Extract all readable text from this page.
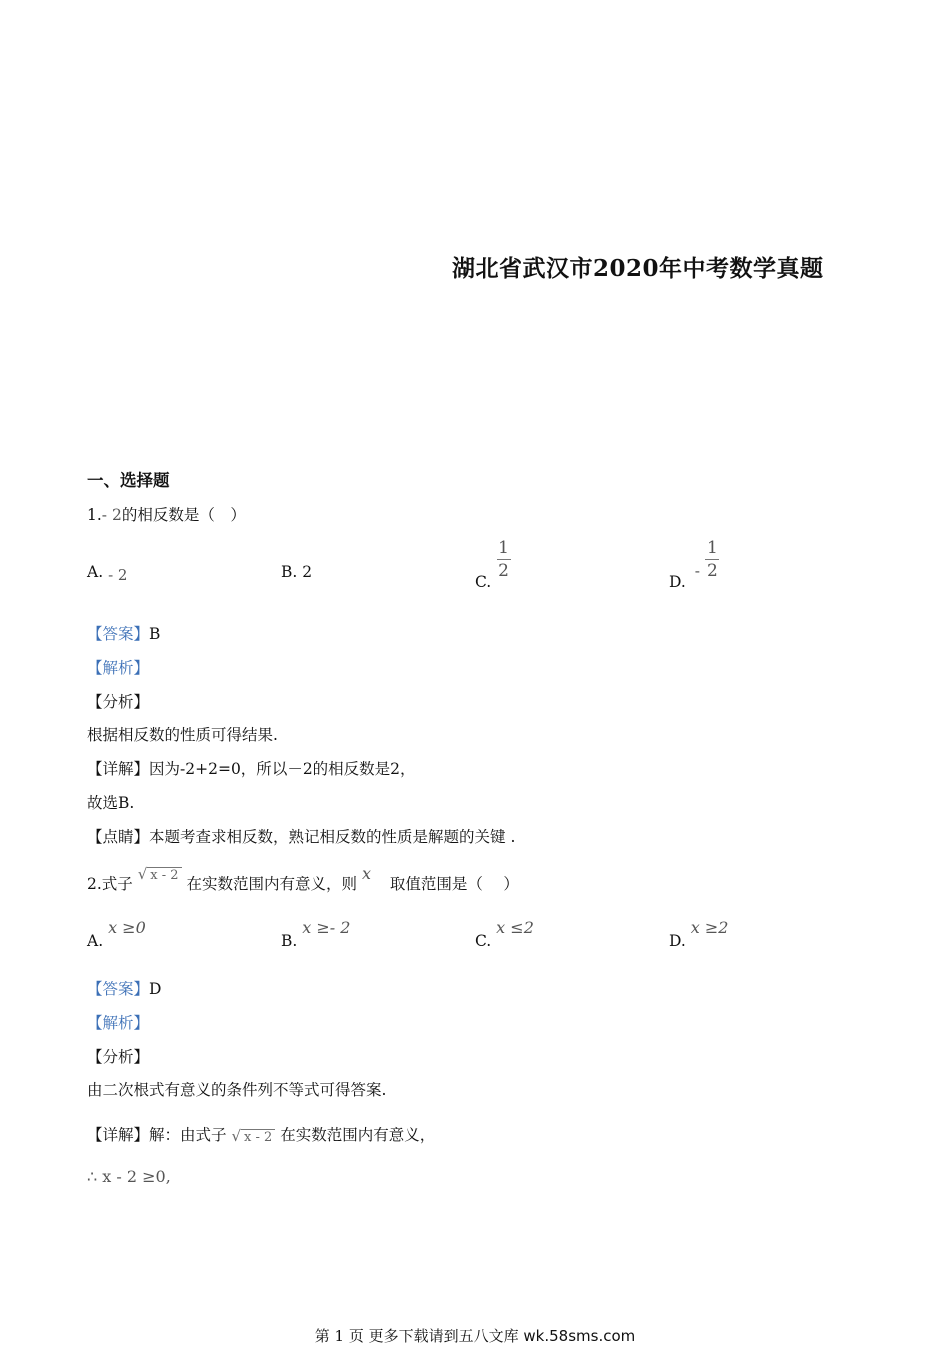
湖北省武汉市2020年中考数学真题
一、选择题
1.- 2的相反数是（　）
A. - 2	B. 2
C.
$\frac{1}{2}$
D. - $\frac{1}{2}$
【答案】B
【解析】
【分析】
根据相反数的性质可得结果.
【详解】因为-2+2=0，所以－2的相反数是2，
故选B.
【点睛】本题考查求相反数，熟记相反数的性质是解题的关键 .
2.式子 √ x - 2 在实数范围内有意义，则 x 取值范围是（　 ）
A. x ≥0
B. x ≥- 2
C. x ≤2
D. x ≥2
【答案】D
【解析】
【分析】
由二次根式有意义的条件列不等式可得答案.
【详解】解：由式子 √ x - 2 在实数范围内有意义，
∴ x - 2 ≥0,
第 1 页 更多下载请到五八文库 wk.58sms.com
